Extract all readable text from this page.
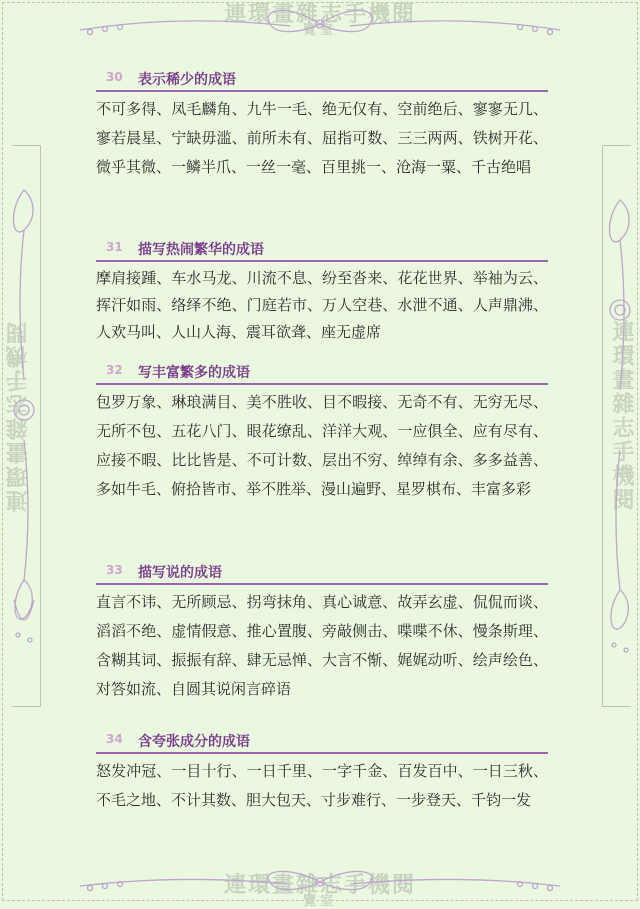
連環畫雜志手機閱
覽室
連環畫雜志手機閱
覽室
連環畫雜志手機閱	連環畫雜志手機閱
30 表示稀少的成语
不可多得、凤毛麟角、九牛一毛、绝无仅有、空前绝后、寥寥无几、寥若晨星、宁缺毋滥、前所未有、屈指可数、三三两两、铁树开花、微乎其微、一鳞半爪、一丝一毫、百里挑一、沧海一粟、千古绝唱
31 描写热闹繁华的成语
摩肩接踵、车水马龙、川流不息、纷至沓来、花花世界、举袖为云、挥汗如雨、络绎不绝、门庭若市、万人空巷、水泄不通、人声鼎沸、人欢马叫、人山人海、震耳欲聋、座无虚席
32 写丰富繁多的成语
包罗万象、琳琅满目、美不胜收、目不暇接、无奇不有、无穷无尽、无所不包、五花八门、眼花缭乱、洋洋大观、一应俱全、应有尽有、应接不暇、比比皆是、不可计数、层出不穷、绰绰有余、多多益善、多如牛毛、俯拾皆市、举不胜举、漫山遍野、星罗棋布、丰富多彩
33 描写说的成语
直言不讳、无所顾忌、拐弯抹角、真心诚意、故弄玄虚、侃侃而谈、滔滔不绝、虚情假意、推心置腹、旁敲侧击、喋喋不休、慢条斯理、含糊其词、振振有辞、肆无忌惮、大言不惭、娓娓动听、绘声绘色、对答如流、自圆其说闲言碎语
34 含夸张成分的成语
怒发冲冠、一目十行、一日千里、一字千金、百发百中、一日三秋、不毛之地、不计其数、胆大包天、寸步难行、一步登天、千钧一发
